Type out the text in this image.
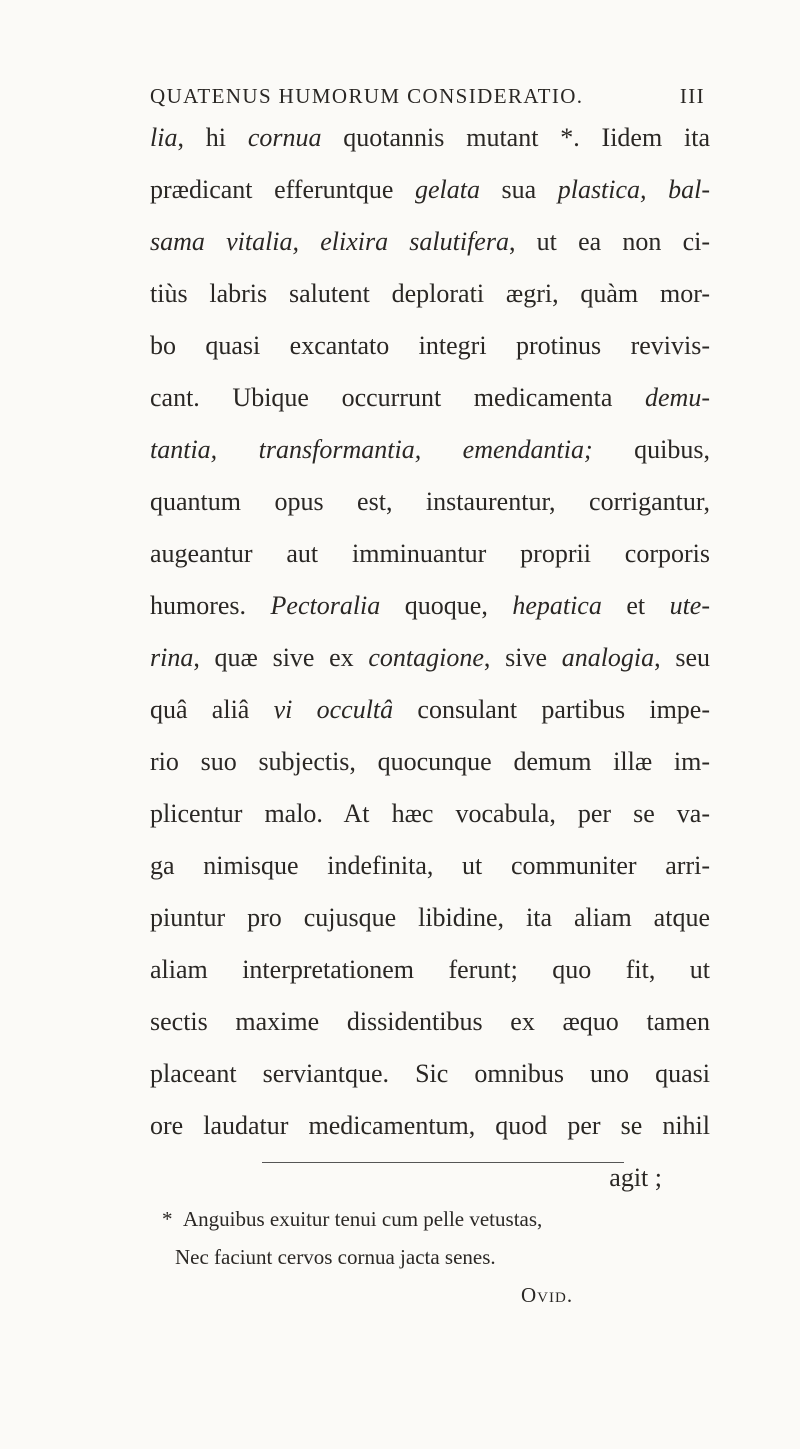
QUATENUS HUMORUM CONSIDERATIO.	III
lia, hi cornua quotannis mutant *. Iidem ita
prædicant efferuntque gelata sua plastica, bal-
sama vitalia, elixira salutifera, ut ea non ci-
tiùs labris salutent deplorati ægri, quàm mor-
bo quasi excantato integri protinus revivis-
cant. Ubique occurrunt medicamenta demu-
tantia, transformantia, emendantia; quibus,
quantum opus est, instaurentur, corrigantur,
augeantur aut imminuantur proprii corporis
humores. Pectoralia quoque, hepatica et ute-
rina, quæ sive ex contagione, sive analogia, seu
quâ aliâ vi occultâ consulant partibus impe-
rio suo subjectis, quocunque demum illæ im-
plicentur malo. At hæc vocabula, per se va-
ga nimisque indefinita, ut communiter arri-
piuntur pro cujusque libidine, ita aliam atque
aliam interpretationem ferunt; quo fit, ut
sectis maxime dissidentibus ex æquo tamen
placeant serviantque. Sic omnibus uno quasi
ore laudatur medicamentum, quod per se nihil
agit ;
* Anguibus exuitur tenui cum pelle vetustas,
Nec faciunt cervos cornua jacta senes.
Ovid.
